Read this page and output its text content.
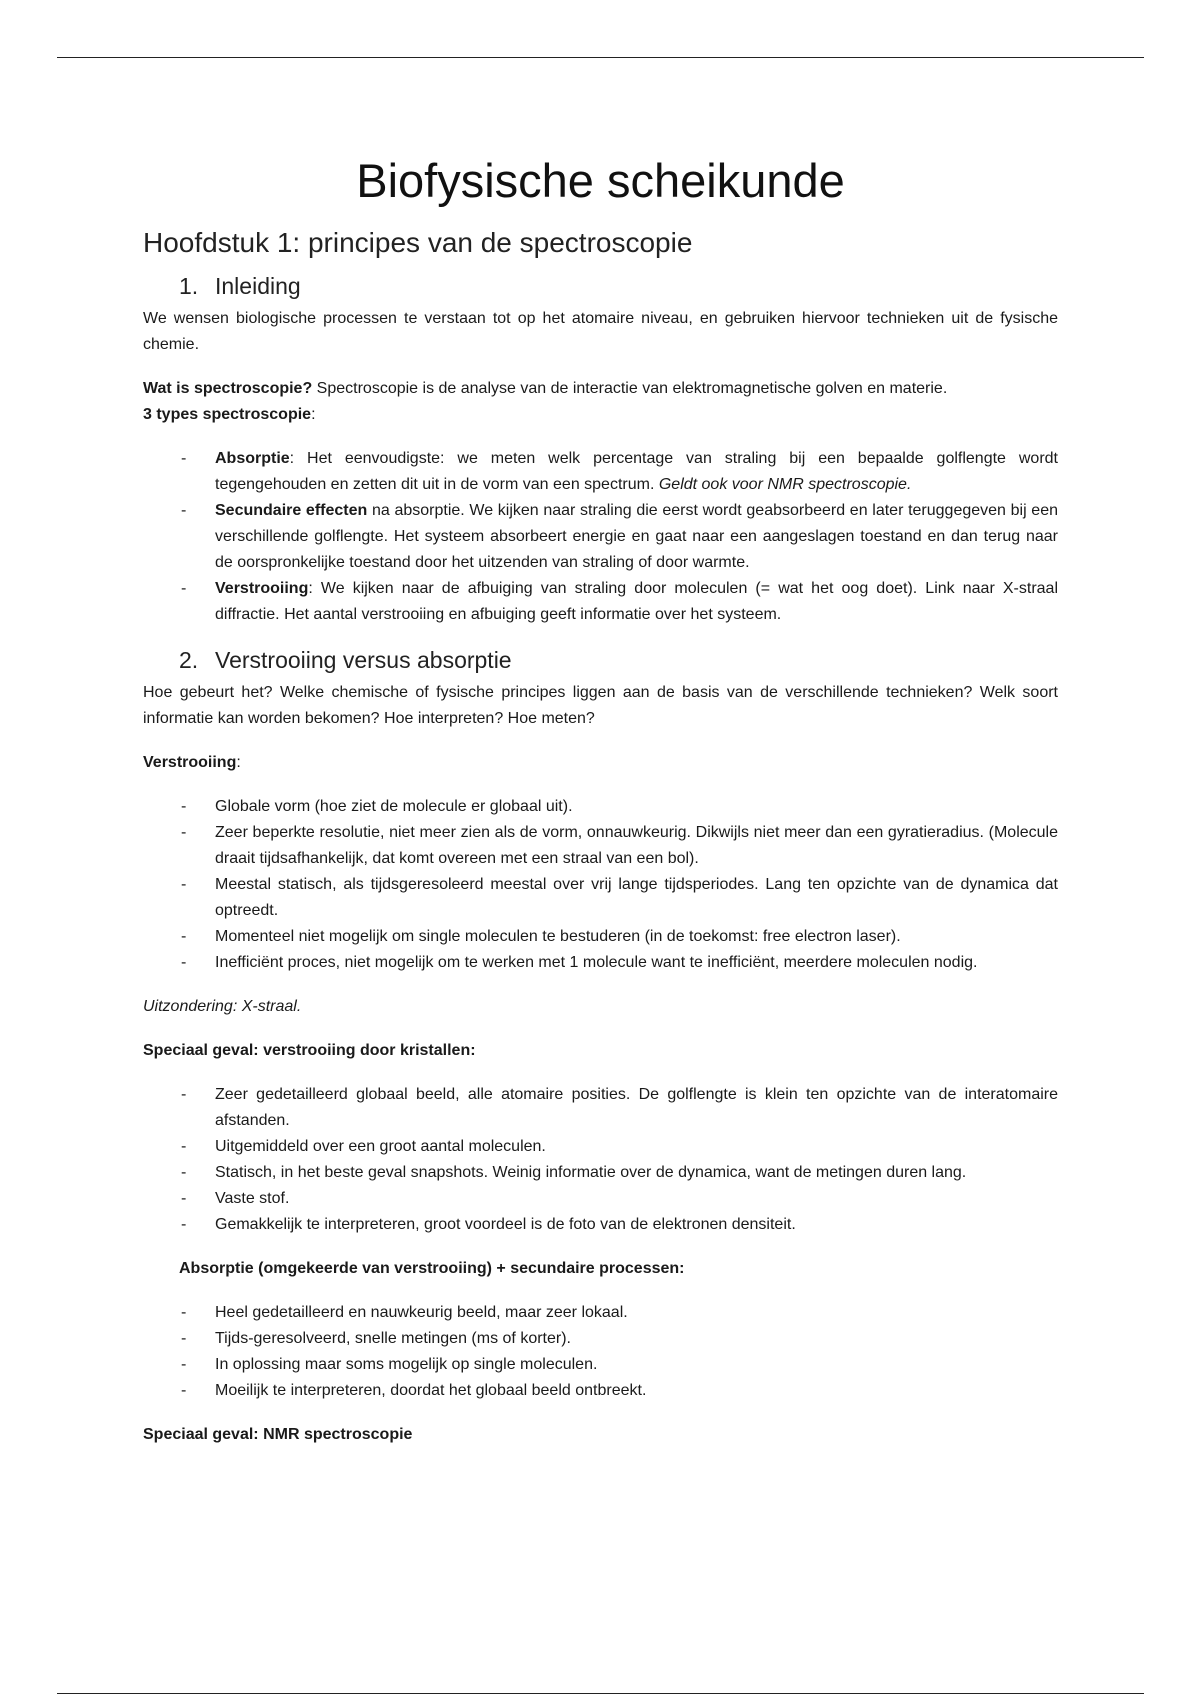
Biofysische scheikunde
Hoofdstuk 1: principes van de spectroscopie
1. Inleiding

We wensen biologische processen te verstaan tot op het atomaire niveau, en gebruiken hiervoor technieken uit de fysische chemie.

Wat is spectroscopie? Spectroscopie is de analyse van de interactie van elektromagnetische golven en materie.

3 types spectroscopie:

- Absorptie: Het eenvoudigste: we meten welk percentage van straling bij een bepaalde golflengte wordt tegengehouden en zetten dit uit in de vorm van een spectrum. Geldt ook voor NMR spectroscopie.
- Secundaire effecten na absorptie. We kijken naar straling die eerst wordt geabsorbeerd en later teruggegeven bij een verschillende golflengte. Het systeem absorbeert energie en gaat naar een aangeslagen toestand en dan terug naar de oorspronkelijke toestand door het uitzenden van straling of door warmte.
- Verstrooiing: We kijken naar de afbuiging van straling door moleculen (= wat het oog doet). Link naar X-straal diffractie. Het aantal verstrooiing en afbuiging geeft informatie over het systeem.
2. Verstrooiing versus absorptie

Hoe gebeurt het? Welke chemische of fysische principes liggen aan de basis van de verschillende technieken? Welk soort informatie kan worden bekomen? Hoe interpreten? Hoe meten?

Verstrooiing:

- Globale vorm (hoe ziet de molecule er globaal uit).
- Zeer beperkte resolutie, niet meer zien als de vorm, onnauwkeurig. Dikwijls niet meer dan een gyratieradius. (Molecule draait tijdsafhankelijk, dat komt overeen met een straal van een bol).
- Meestal statisch, als tijdsgeresoleerd meestal over vrij lange tijdsperiodes. Lang ten opzichte van de dynamica dat optreedt.
- Momenteel niet mogelijk om single moleculen te bestuderen (in de toekomst: free electron laser).
- Inefficiënt proces, niet mogelijk om te werken met 1 molecule want te inefficiënt, meerdere moleculen nodig.

Uitzondering: X-straal.

Speciaal geval: verstrooiing door kristallen:

- Zeer gedetailleerd globaal beeld, alle atomaire posities. De golflengte is klein ten opzichte van de interatomaire afstanden.
- Uitgemiddeld over een groot aantal moleculen.
- Statisch, in het beste geval snapshots. Weinig informatie over de dynamica, want de metingen duren lang.
- Vaste stof.
- Gemakkelijk te interpreteren, groot voordeel is de foto van de elektronen densiteit.

Absorptie (omgekeerde van verstrooiing) + secundaire processen:

- Heel gedetailleerd en nauwkeurig beeld, maar zeer lokaal.
- Tijds-geresolveerd, snelle metingen (ms of korter).
- In oplossing maar soms mogelijk op single moleculen.
- Moeilijk te interpreteren, doordat het globaal beeld ontbreekt.

Speciaal geval: NMR spectroscopie
